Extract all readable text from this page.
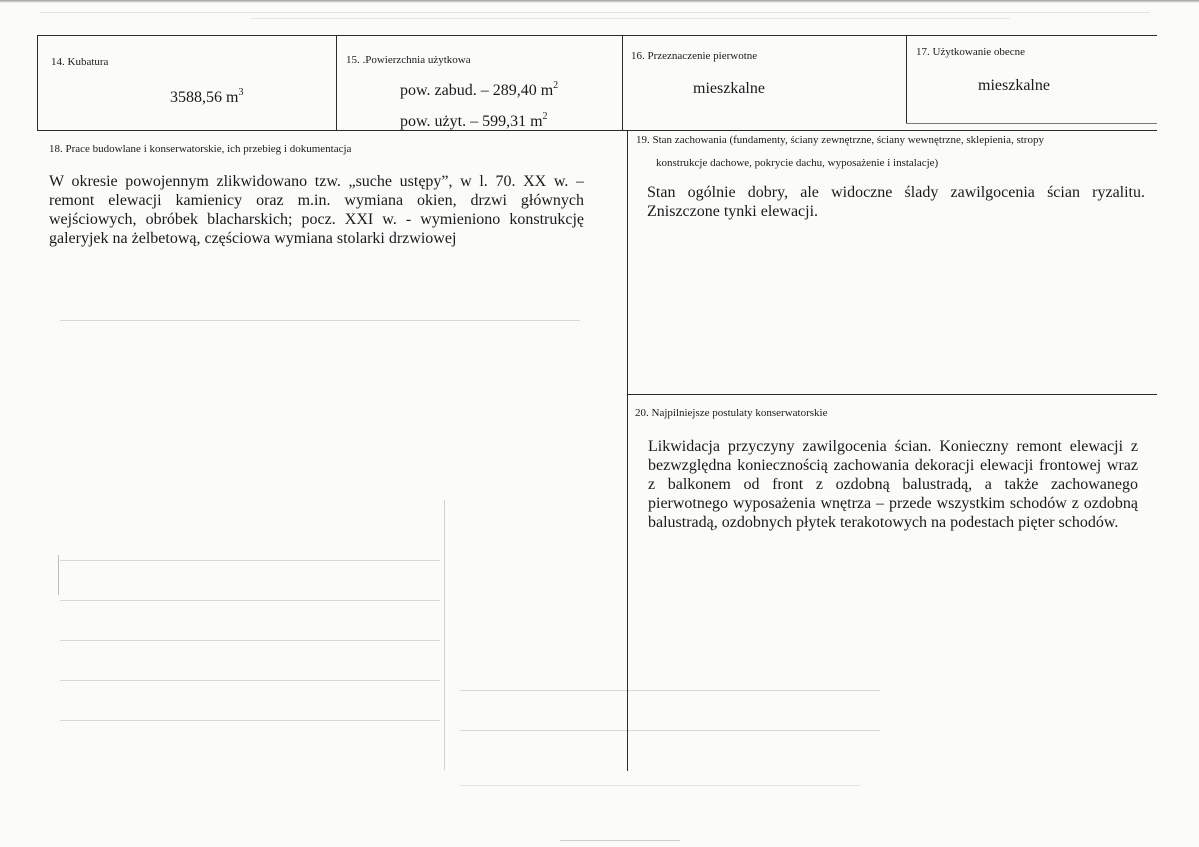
14. Kubatura
3588,56 $m^3$
15. .Powierzchnia użytkowa
pow. zabud. – 289,40 $m^2$
pow. użyt. – 599,31 $m^2$
16. Przeznaczenie pierwotne
mieszkalne
17. Użytkowanie obecne
mieszkalne
18. Prace budowlane i konserwatorskie, ich przebieg i dokumentacja

W okresie powojennym zlikwidowano tzw. „suche ustępy”, w l. 70. XX w. – remont elewacji kamienicy oraz m.in. wymiana okien, drzwi głównych wejściowych, obróbek blacharskich; pocz. XXI w. - wymieniono konstrukcję galeryjek na żelbetową, częściowa wymiana stolarki drzwiowej

19. Stan zachowania (fundamenty, ściany zewnętrzne, ściany wewnętrzne, sklepienia, stropy
konstrukcje dachowe, pokrycie dachu, wyposażenie i instalacje)

Stan ogólnie dobry, ale widoczne ślady zawilgocenia ścian ryzalitu. Zniszczone tynki elewacji.

20. Najpilniejsze postulaty konserwatorskie

Likwidacja przyczyny zawilgocenia ścian. Konieczny remont elewacji z bezwzględna koniecznością zachowania dekoracji elewacji frontowej wraz z balkonem od front z ozdobną balustradą, a także zachowanego pierwotnego wyposażenia wnętrza – przede wszystkim schodów z ozdobną balustradą, ozdobnych płytek terakotowych na podestach pięter schodów.
